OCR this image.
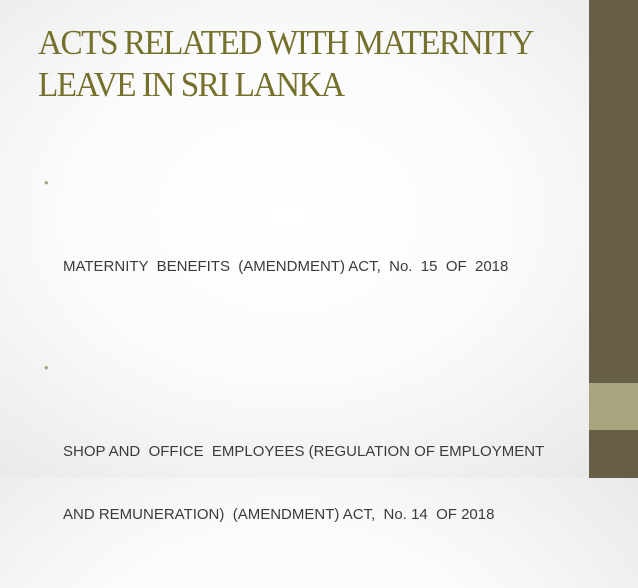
ACTS RELATED WITH MATERNITY
LEAVE IN SRI LANKA

•

MATERNITY  BENEFITS  (AMENDMENT) ACT,  No.  15  OF  2018

•

SHOP AND  OFFICE  EMPLOYEES (REGULATION OF EMPLOYMENT

AND REMUNERATION)  (AMENDMENT) ACT,  No. 14  OF 2018
